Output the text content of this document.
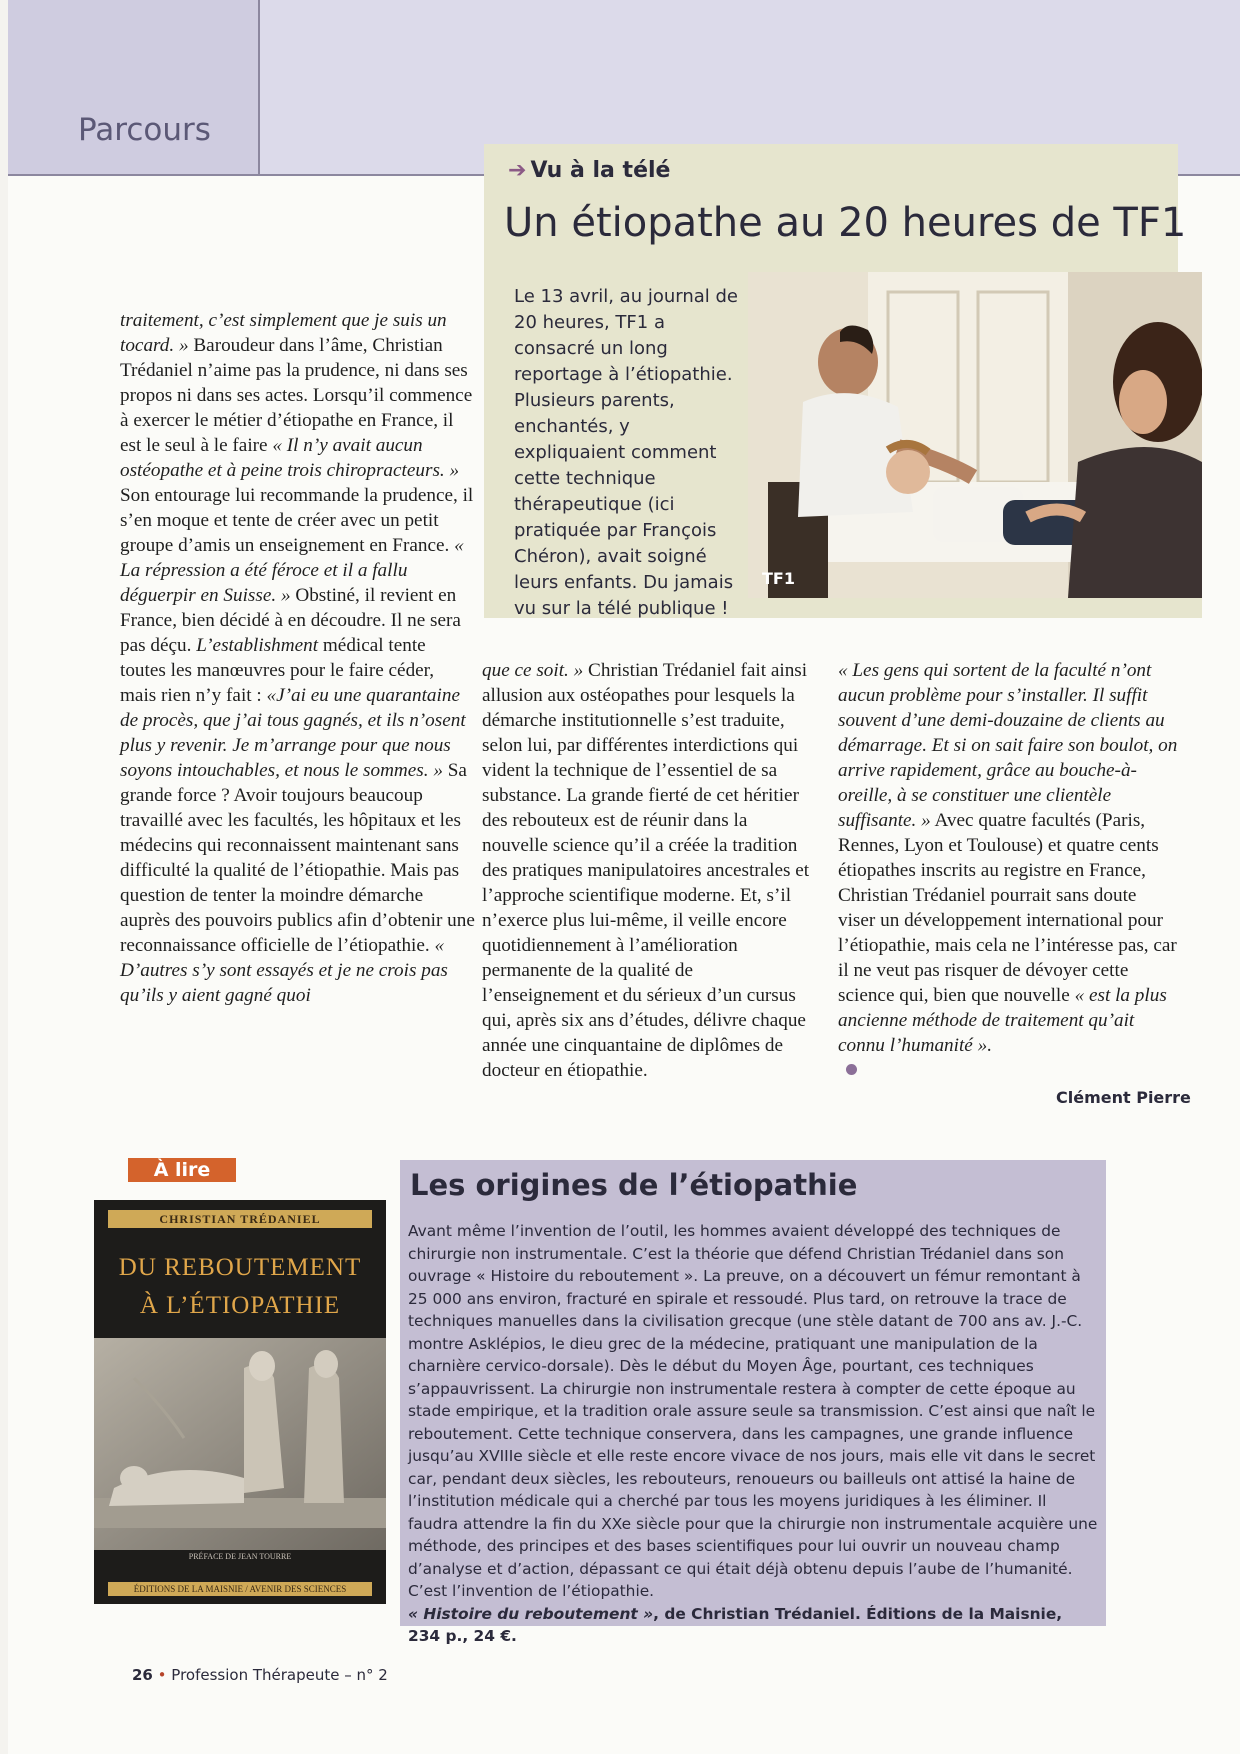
Parcours
➔ Vu à la télé
Un étiopathe au 20 heures de TF1
Le 13 avril, au journal de 20 heures, TF1 a consacré un long reportage à l’étiopathie. Plusieurs parents, enchantés, y expliquaient comment cette technique thérapeutique (ici pratiquée par François Chéron), avait soigné leurs enfants. Du jamais vu sur la télé publique !
TF1

traitement, c’est simplement que je suis un tocard. » Baroudeur dans l’âme, Christian Trédaniel n’aime pas la prudence, ni dans ses propos ni dans ses actes. Lorsqu’il commence à exercer le métier d’étiopathe en France, il est le seul à le faire « Il n’y avait aucun ostéopathe et à peine trois chiropracteurs. » Son entourage lui recommande la prudence, il s’en moque et tente de créer avec un petit groupe d’amis un enseignement en France. « La répression a été féroce et il a fallu déguerpir en Suisse. » Obstiné, il revient en France, bien décidé à en découdre. Il ne sera pas déçu. L’establishment médical tente toutes les manœuvres pour le faire céder, mais rien n’y fait : «J’ai eu une quarantaine de procès, que j’ai tous gagnés, et ils n’osent plus y revenir. Je m’arrange pour que nous soyons intouchables, et nous le sommes. » Sa grande force ? Avoir toujours beaucoup travaillé avec les facultés, les hôpitaux et les médecins qui reconnaissent maintenant sans difficulté la qualité de l’étiopathie. Mais pas question de tenter la moindre démarche auprès des pouvoirs publics afin d’obtenir une reconnaissance officielle de l’étiopathie. « D’autres s’y sont essayés et je ne crois pas qu’ils y aient gagné quoi

que ce soit. » Christian Trédaniel fait ainsi allusion aux ostéopathes pour lesquels la démarche institutionnelle s’est traduite, selon lui, par différentes interdictions qui vident la technique de l’essentiel de sa substance. La grande fierté de cet héritier des rebouteux est de réunir dans la nouvelle science qu’il a créée la tradition des pratiques manipulatoires ancestrales et l’approche scientifique moderne. Et, s’il n’exerce plus lui-même, il veille encore quotidiennement à l’amélioration permanente de la qualité de l’enseignement et du sérieux d’un cursus qui, après six ans d’études, délivre chaque année une cinquantaine de diplômes de docteur en étiopathie.

« Les gens qui sortent de la faculté n’ont aucun problème pour s’installer. Il suffit souvent d’une demi-douzaine de clients au démarrage. Et si on sait faire son boulot, on arrive rapidement, grâce au bouche-à-oreille, à se constituer une clientèle suffisante. » Avec quatre facultés (Paris, Rennes, Lyon et Toulouse) et quatre cents étiopathes inscrits au registre en France, Christian Trédaniel pourrait sans doute viser un développement international pour l’étiopathie, mais cela ne l’intéresse pas, car il ne veut pas risquer de dévoyer cette science qui, bien que nouvelle « est la plus ancienne méthode de traitement qu’ait connu l’humanité ».

Clément Pierre
À lire
CHRISTIAN TRÉDANIEL
DU REBOUTEMENT
À L’ÉTIOPATHIE
PRÉFACE DE JEAN TOURRE
ÉDITIONS DE LA MAISNIE / AVENIR DES SCIENCES
Les origines de l’étiopathie

Avant même l’invention de l’outil, les hommes avaient développé des techniques de chirurgie non instrumentale. C’est la théorie que défend Christian Trédaniel dans son ouvrage « Histoire du reboutement ». La preuve, on a découvert un fémur remontant à 25 000 ans environ, fracturé en spirale et ressoudé. Plus tard, on retrouve la trace de techniques manuelles dans la civilisation grecque (une stèle datant de 700 ans av. J.-C. montre Asklépios, le dieu grec de la médecine, pratiquant une manipulation de la charnière cervico-dorsale). Dès le début du Moyen Âge, pourtant, ces techniques s’appauvrissent. La chirurgie non instrumentale restera à compter de cette époque au stade empirique, et la tradition orale assure seule sa transmission. C’est ainsi que naît le reboutement. Cette technique conservera, dans les campagnes, une grande influence jusqu’au XVIIIe siècle et elle reste encore vivace de nos jours, mais elle vit dans le secret car, pendant deux siècles, les rebouteurs, renoueurs ou bailleuls ont attisé la haine de l’institution médicale qui a cherché par tous les moyens juridiques à les éliminer. Il faudra attendre la fin du XXe siècle pour que la chirurgie non instrumentale acquière une méthode, des principes et des bases scientifiques pour lui ouvrir un nouveau champ d’analyse et d’action, dépassant ce qui était déjà obtenu depuis l’aube de l’humanité. C’est l’invention de l’étiopathie.

« Histoire du reboutement », de Christian Trédaniel. Éditions de la Maisnie, 234 p., 24 €.

26 • Profession Thérapeute – n° 2
